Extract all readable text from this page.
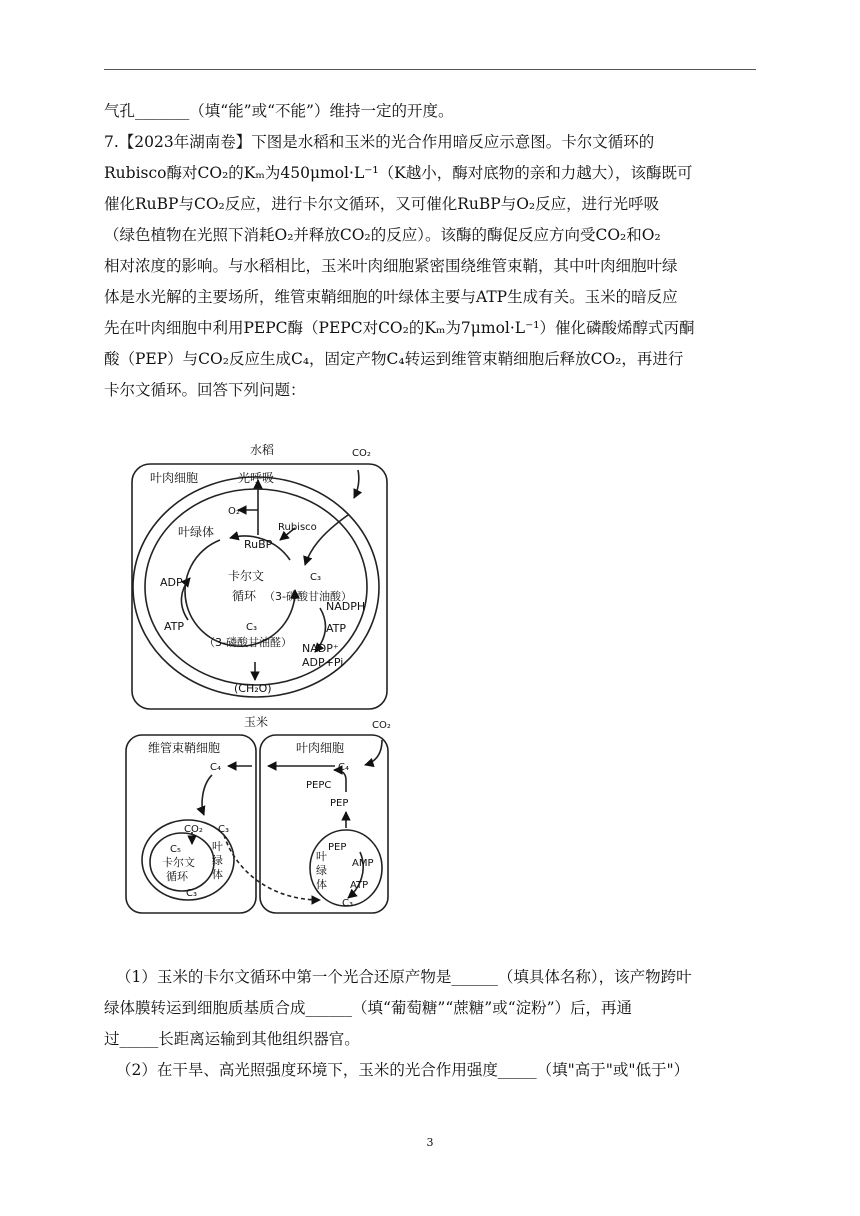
气孔_______（填“能”或“不能”）维持一定的开度。
7.【2023年湖南卷】下图是水稻和玉米的光合作用暗反应示意图。卡尔文循环的
Rubisco酶对CO₂的Kₘ为450μmol·L⁻¹（K越小，酶对底物的亲和力越大），该酶既可
催化RuBP与CO₂反应，进行卡尔文循环，又可催化RuBP与O₂反应，进行光呼吸
（绿色植物在光照下消耗O₂并释放CO₂的反应）。该酶的酶促反应方向受CO₂和O₂
相对浓度的影响。与水稻相比，玉米叶肉细胞紧密围绕维管束鞘，其中叶肉细胞叶绿
体是水光解的主要场所，维管束鞘细胞的叶绿体主要与ATP生成有关。玉米的暗反应
先在叶肉细胞中利用PEPC酶（PEPC对CO₂的Kₘ为7μmol·L⁻¹）催化磷酸烯醇式丙酮
酸（PEP）与CO₂反应生成C₄，固定产物C₄转运到维管束鞘细胞后释放CO₂，再进行
卡尔文循环。回答下列问题：
水稻	CO₂
叶肉细胞	光呼吸
O₂
Rubisco
叶绿体
RuBP
C₃
ADP	卡尔文
循环 （3-磷酸甘油酸）
NADPH
ATP	ATP
C₃
（3-磷酸甘油醛） NADP⁺
ADP+Pi
(CH₂O)
玉米	CO₂
维管束鞘细胞	叶肉细胞
C₄	C₄
PEPC
PEP
CO₂ C₃
PEP
AMP
ATP
C₃
叶
绿
体
C₅
卡尔文
循环
C₃
叶
绿
体
（1）玉米的卡尔文循环中第一个光合还原产物是______（填具体名称），该产物跨叶
绿体膜转运到细胞质基质合成______（填“葡萄糖”“蔗糖”或“淀粉”）后，再通
过_____长距离运输到其他组织器官。
（2）在干旱、高光照强度环境下，玉米的光合作用强度_____（填"高于"或"低于"）
3
